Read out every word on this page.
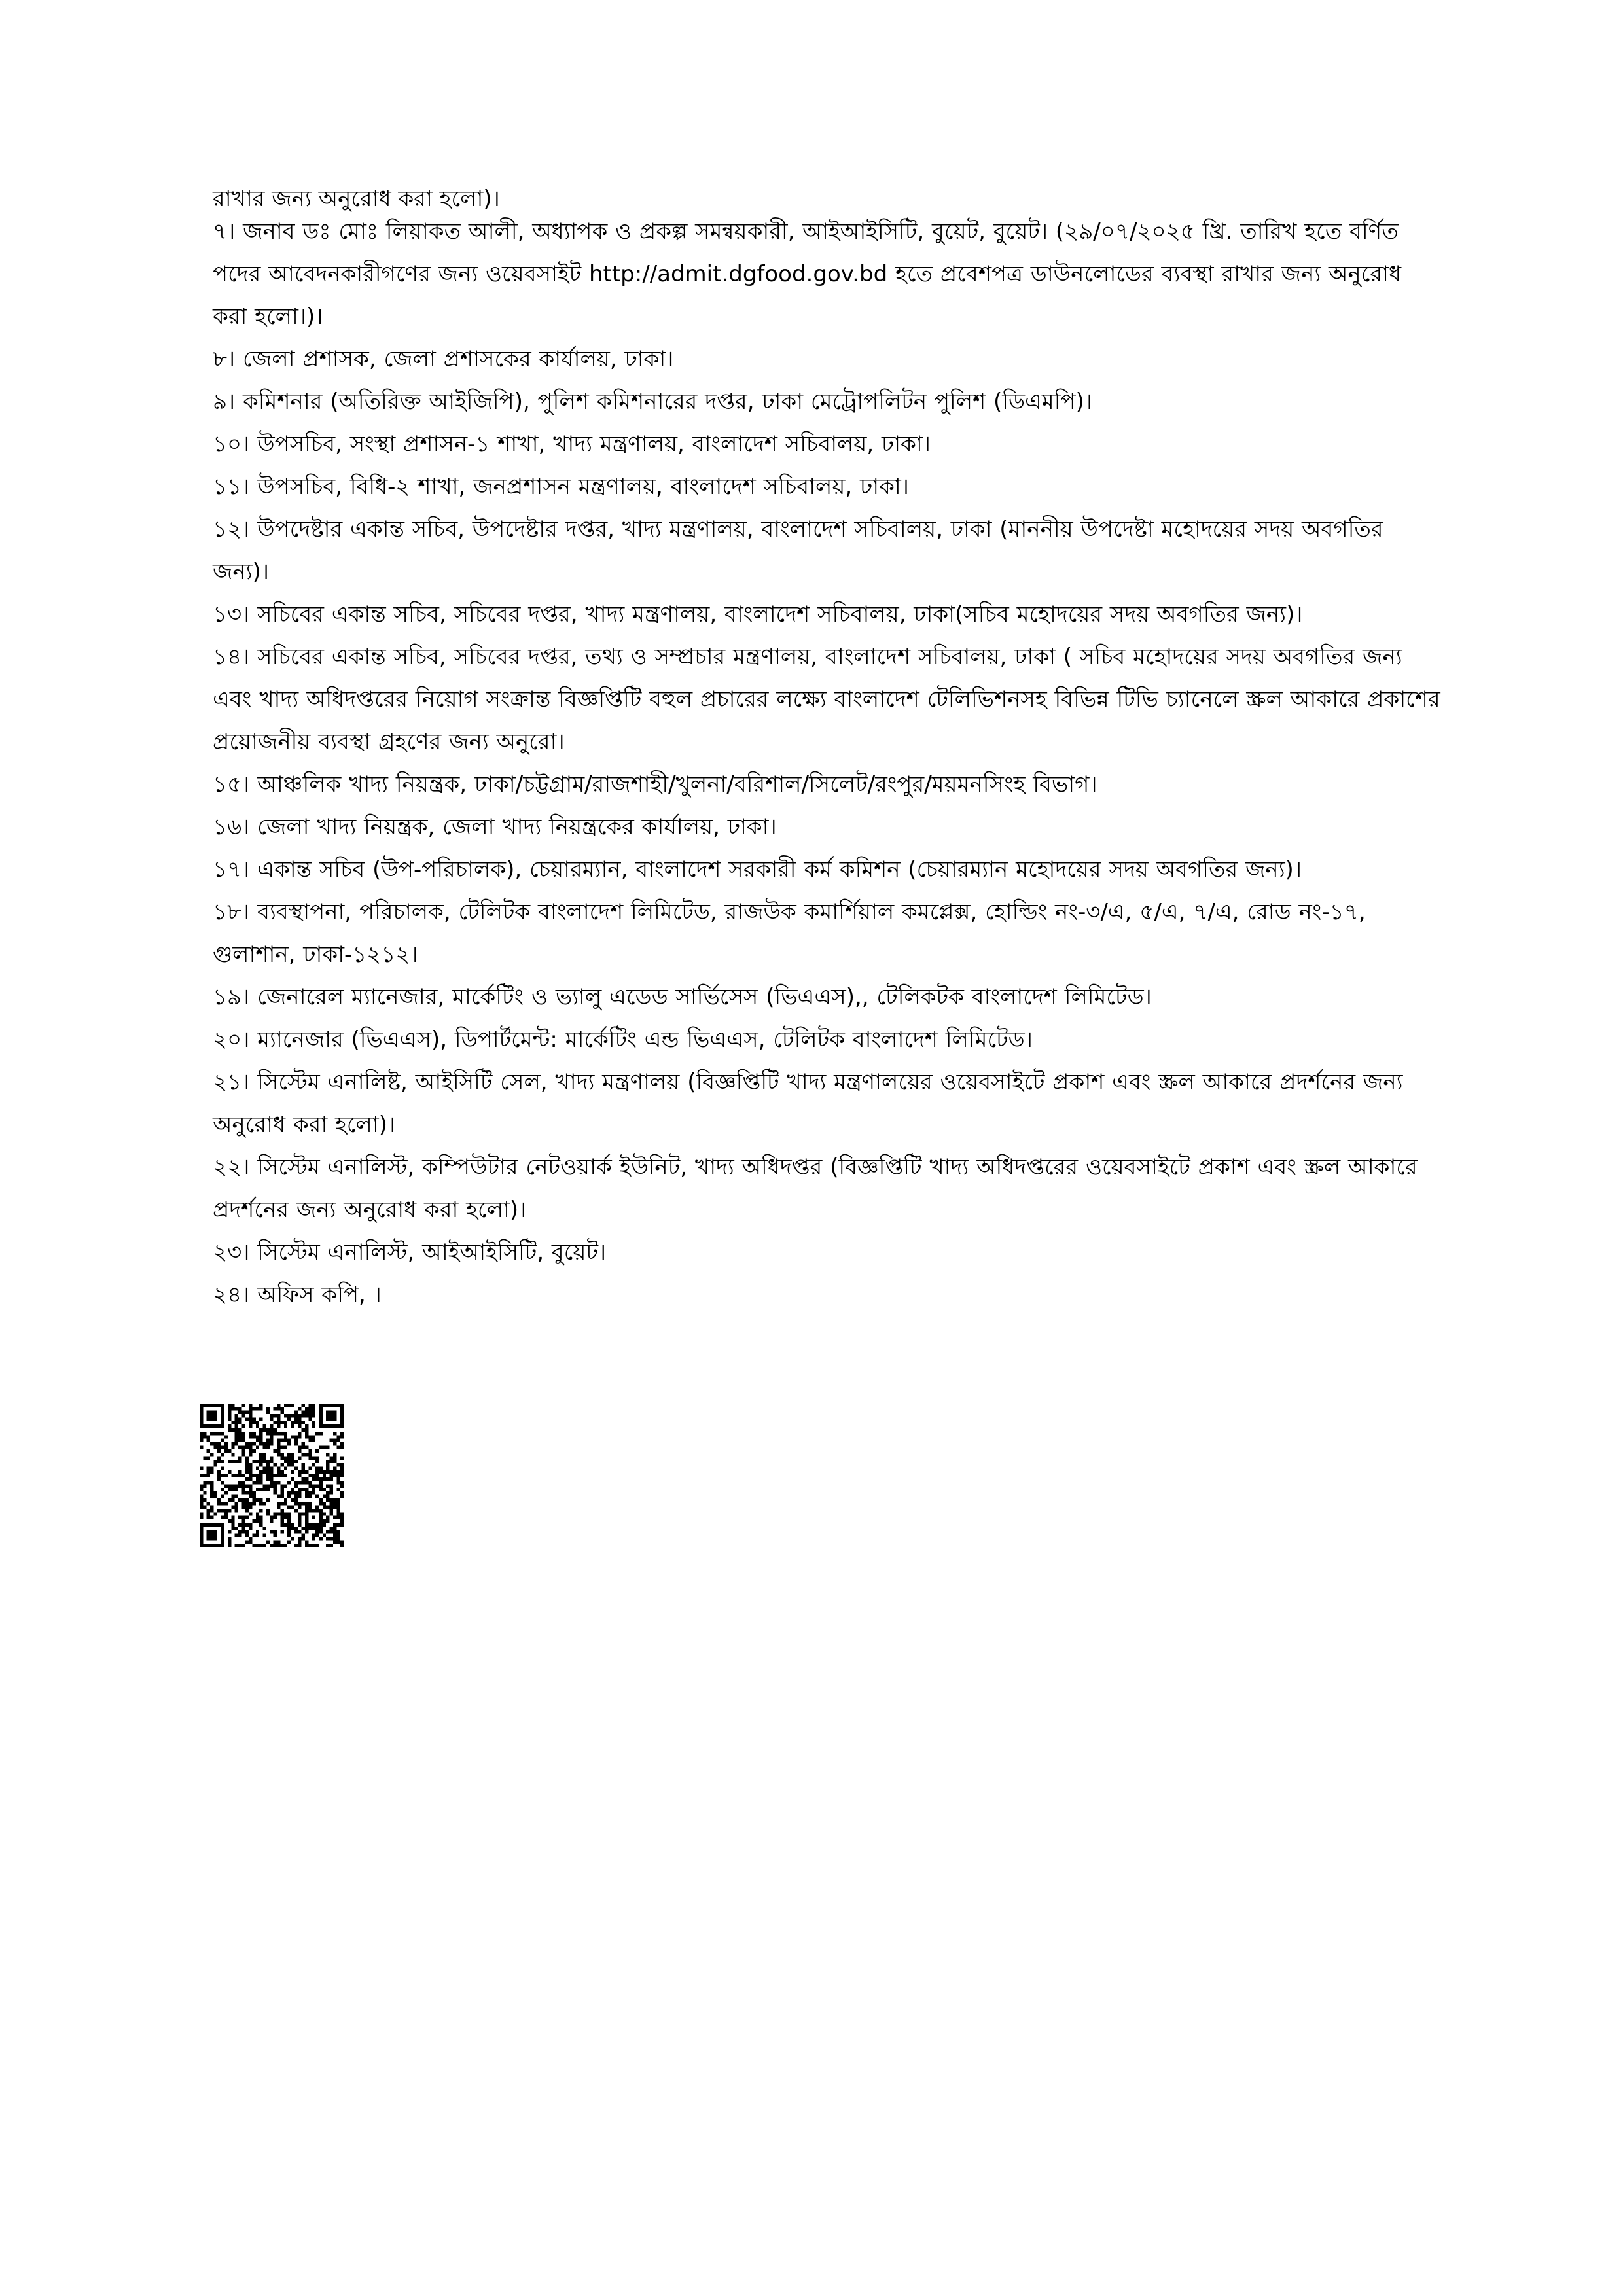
রাখার জন্য অনুরোধ করা হলো)।
৭। জনাব ডঃ মোঃ লিয়াকত আলী, অধ্যাপক ও প্রকল্প সমন্বয়কারী, আইআইসিটি, বুয়েট, বুয়েট। (২৯/০৭/২০২৫ খ্রি. তারিখ হতে বর্ণিত পদের আবেদনকারীগণের জন্য ওয়েবসাইট http://admit.dgfood.gov.bd হতে প্রবেশপত্র ডাউনলোডের ব্যবস্থা রাখার জন্য অনুরোধ করা হলো।)।
৮। জেলা প্রশাসক, জেলা প্রশাসকের কার্যালয়, ঢাকা।
৯। কমিশনার (অতিরিক্ত আইজিপি), পুলিশ কমিশনারের দপ্তর, ঢাকা মেট্রোপলিটন পুলিশ (ডিএমপি)।
১০। উপসচিব, সংস্থা প্রশাসন-১ শাখা, খাদ্য মন্ত্রণালয়, বাংলাদেশ সচিবালয়, ঢাকা।
১১। উপসচিব, বিধি-২ শাখা, জনপ্রশাসন মন্ত্রণালয়, বাংলাদেশ সচিবালয়, ঢাকা।
১২। উপদেষ্টার একান্ত সচিব, উপদেষ্টার দপ্তর, খাদ্য মন্ত্রণালয়, বাংলাদেশ সচিবালয়, ঢাকা (মাননীয় উপদেষ্টা মহোদয়ের সদয় অবগতির জন্য)।
১৩। সচিবের একান্ত সচিব, সচিবের দপ্তর, খাদ্য মন্ত্রণালয়, বাংলাদেশ সচিবালয়, ঢাকা(সচিব মহোদয়ের সদয় অবগতির জন্য)।
১৪। সচিবের একান্ত সচিব, সচিবের দপ্তর, তথ্য ও সম্প্রচার মন্ত্রণালয়, বাংলাদেশ সচিবালয়, ঢাকা ( সচিব মহোদয়ের সদয় অবগতির জন্য এবং খাদ্য অধিদপ্তরের নিয়োগ সংক্রান্ত বিজ্ঞপ্তিটি বহুল প্রচারের লক্ষ্যে বাংলাদেশ টেলিভিশনসহ বিভিন্ন টিভি চ্যানেলে স্ক্রল আকারে প্রকাশের প্রয়োজনীয় ব্যবস্থা গ্রহণের জন্য অনুরো।
১৫। আঞ্চলিক খাদ্য নিয়ন্ত্রক, ঢাকা/চট্টগ্রাম/রাজশাহী/খুলনা/বরিশাল/সিলেট/রংপুর/ময়মনসিংহ বিভাগ।
১৬। জেলা খাদ্য নিয়ন্ত্রক, জেলা খাদ্য নিয়ন্ত্রকের কার্যালয়, ঢাকা।
১৭। একান্ত সচিব (উপ-পরিচালক), চেয়ারম্যান, বাংলাদেশ সরকারী কর্ম কমিশন (চেয়ারম্যান মহোদয়ের সদয় অবগতির জন্য)।
১৮। ব্যবস্থাপনা, পরিচালক, টেলিটক বাংলাদেশ লিমিটেড, রাজউক কমার্শিয়াল কমপ্লেক্স, হোল্ডিং নং-৩/এ, ৫/এ, ৭/এ, রোড নং-১৭, গুলাশান, ঢাকা-১২১২।
১৯। জেনারেল ম্যানেজার, মার্কেটিং ও ভ্যালু এডেড সার্ভিসেস (ভিএএস),, টেলিকটক বাংলাদেশ লিমিটেড।
২০। ম্যানেজার (ভিএএস), ডিপার্টমেন্ট: মার্কেটিং এন্ড ভিএএস, টেলিটক বাংলাদেশ লিমিটেড।
২১। সিস্টেম এনালিষ্ট, আইসিটি সেল, খাদ্য মন্ত্রণালয় (বিজ্ঞপ্তিটি খাদ্য মন্ত্রণালয়ের ওয়েবসাইটে প্রকাশ এবং স্ক্রল আকারে প্রদর্শনের জন্য অনুরোধ করা হলো)।
২২। সিস্টেম এনালিস্ট, কম্পিউটার নেটওয়ার্ক ইউনিট, খাদ্য অধিদপ্তর (বিজ্ঞপ্তিটি খাদ্য অধিদপ্তরের ওয়েবসাইটে প্রকাশ এবং স্ক্রল আকারে প্রদর্শনের জন্য অনুরোধ করা হলো)।
২৩। সিস্টেম এনালিস্ট, আইআইসিটি, বুয়েট।
২৪। অফিস কপি, ।
